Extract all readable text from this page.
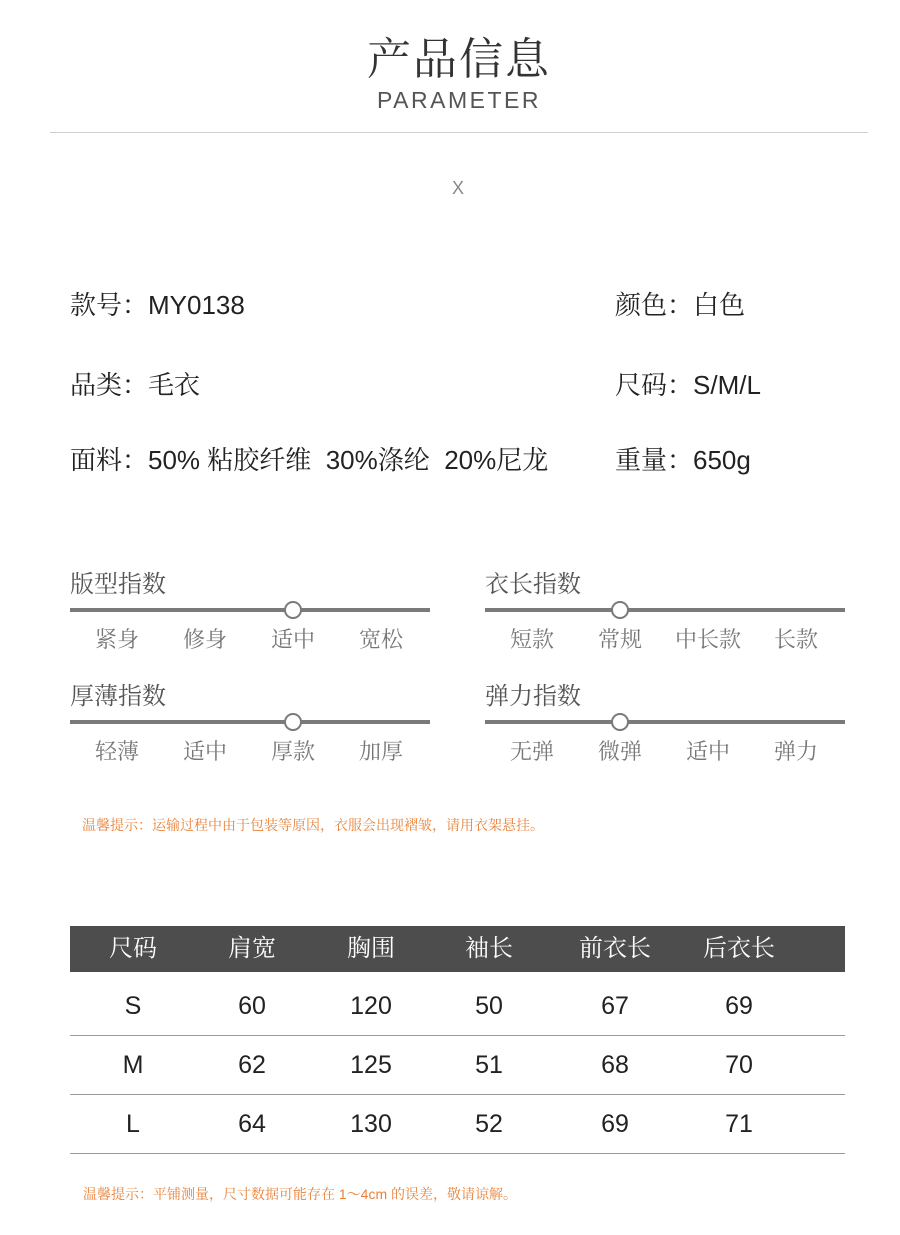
产品信息
PARAMETER
X
款号：MY0138	颜色：白色
品类：毛衣	尺码：S/M/L
面料：50% 粘胶纤维  30%涤纶  20%尼龙	重量：650g
版型指数
紧身	修身	适中	宽松
衣长指数
短款	常规	中长款	长款
厚薄指数
轻薄	适中	厚款	加厚
弹力指数
无弹	微弹	适中	弹力
温馨提示：运输过程中由于包装等原因，衣服会出现褶皱，请用衣架悬挂。
尺码	肩宽	胸围	袖长	前衣长	后衣长
S	60	120	50	67	69
M	62	125	51	68	70
L	64	130	52	69	71
温馨提示：平铺测量，尺寸数据可能存在 1～4cm 的误差，敬请谅解。
